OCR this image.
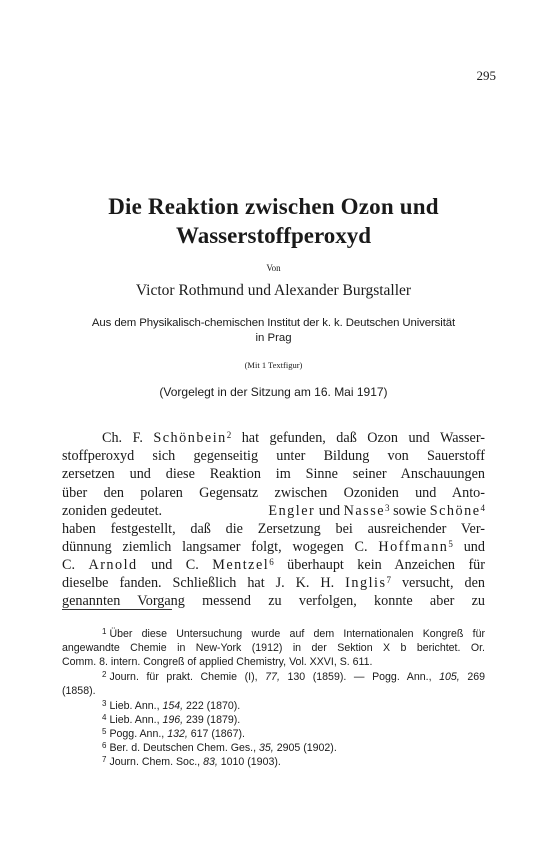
295
Die Reaktion zwischen Ozon und
Wasserstoffperoxyd
Von
Victor Rothmund und Alexander Burgstaller
Aus dem Physikalisch-chemischen Institut der k. k. Deutschen Universität
in Prag
(Mit 1 Textfigur)
(Vorgelegt in der Sitzung am 16. Mai 1917)
Ch. F. Schönbein$^2$ hat gefunden, daß Ozon und Wasser-
stoffperoxyd sich gegenseitig unter Bildung von Sauerstoff
zersetzen und diese Reaktion im Sinne seiner Anschauungen
über den polaren Gegensatz zwischen Ozoniden und Anto-
zoniden gedeutet.	Engler und Nasse$^3$ sowie Schöne$^4$
haben festgestellt, daß die Zersetzung bei ausreichender Ver-
dünnung ziemlich langsamer folgt, wogegen C. Hoffmann$^5$ und
C. Arnold und C. Mentzel$^6$ überhaupt kein Anzeichen für
dieselbe fanden. Schließlich hat J. K. H. Inglis$^7$ versucht, den
genannten Vorgang messend zu verfolgen, konnte aber zu
$^1$ Über diese Untersuchung wurde auf dem Internationalen Kongreß für
angewandte Chemie in New-York (1912) in der Sektion X b berichtet. Or.
Comm. 8. intern. Congreß of applied Chemistry, Vol. XXVI, S. 611.
$^2$ Journ. für prakt. Chemie (I), 77, 130 (1859). — Pogg. Ann., 105, 269
(1858).
$^3$ Lieb. Ann., 154, 222 (1870).
$^4$ Lieb. Ann., 196, 239 (1879).
$^5$ Pogg. Ann., 132, 617 (1867).
$^6$ Ber. d. Deutschen Chem. Ges., 35, 2905 (1902).
$^7$ Journ. Chem. Soc., 83, 1010 (1903).
